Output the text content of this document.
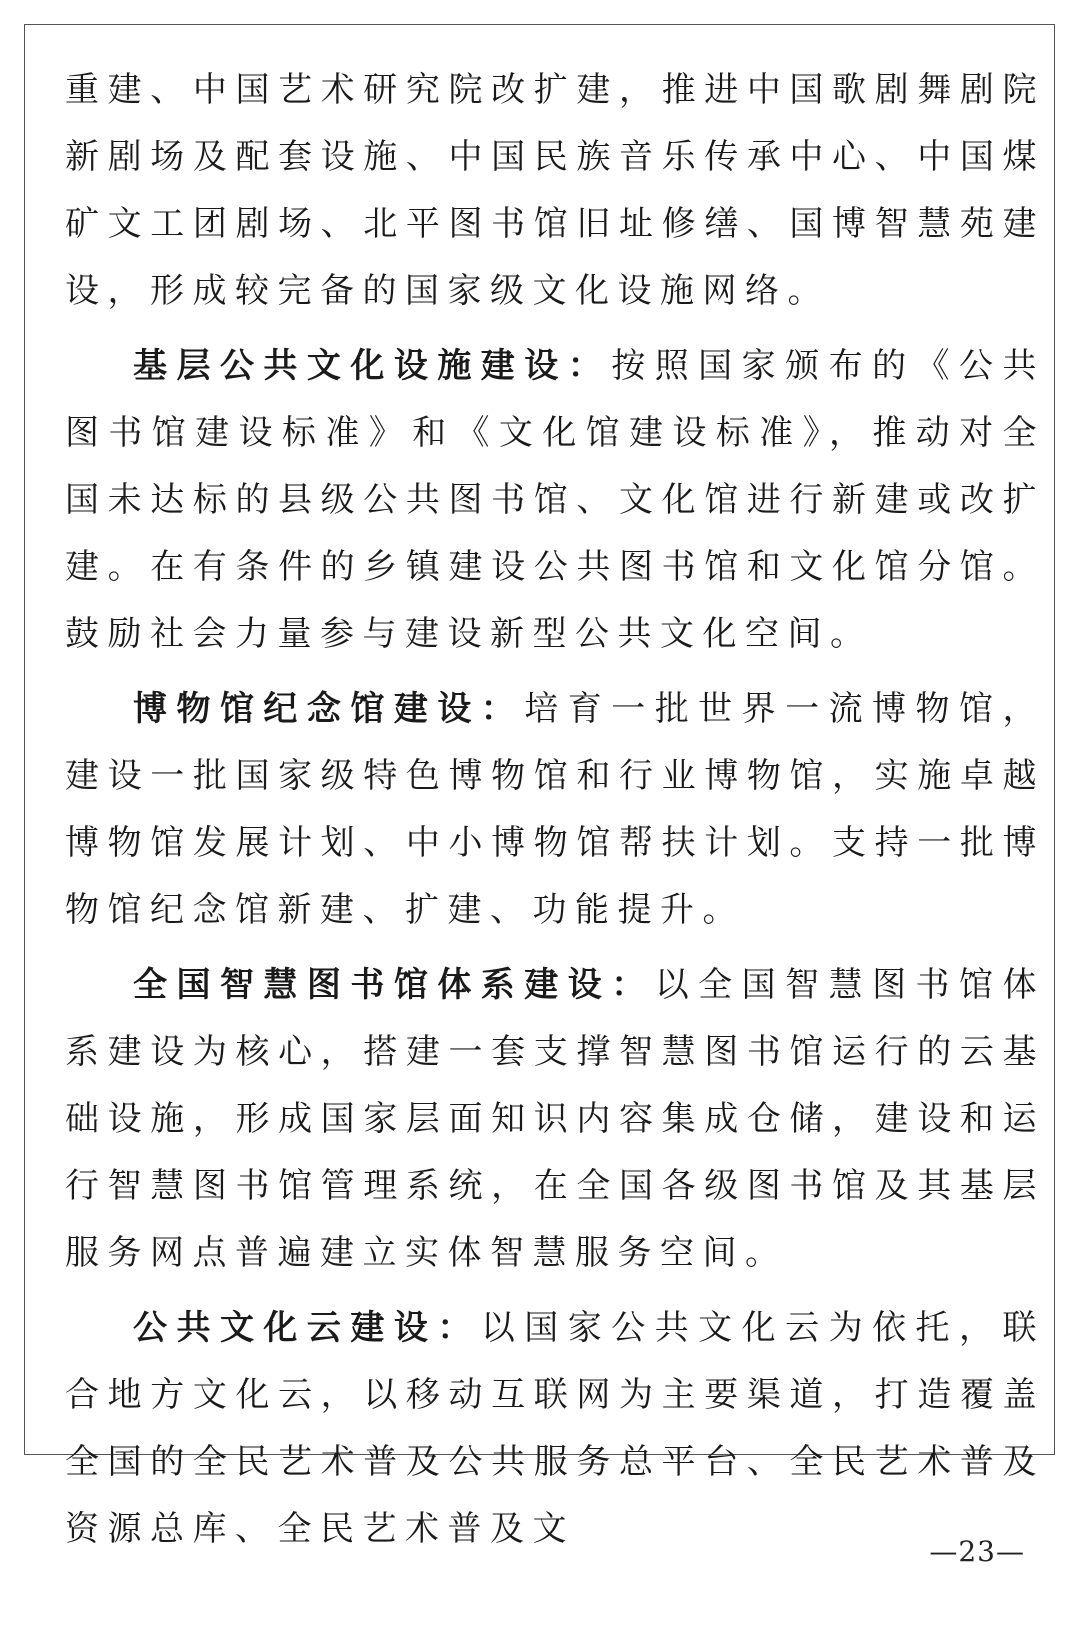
重建、中国艺术研究院改扩建，推进中国歌剧舞剧院新剧场及配套设施、中国民族音乐传承中心、中国煤矿文工团剧场、北平图书馆旧址修缮、国博智慧苑建设，形成较完备的国家级文化设施网络。

基层公共文化设施建设：按照国家颁布的《公共图书馆建设标准》和《文化馆建设标准》，推动对全国未达标的县级公共图书馆、文化馆进行新建或改扩建。在有条件的乡镇建设公共图书馆和文化馆分馆。鼓励社会力量参与建设新型公共文化空间。

博物馆纪念馆建设：培育一批世界一流博物馆，建设一批国家级特色博物馆和行业博物馆，实施卓越博物馆发展计划、中小博物馆帮扶计划。支持一批博物馆纪念馆新建、扩建、功能提升。

全国智慧图书馆体系建设：以全国智慧图书馆体系建设为核心，搭建一套支撑智慧图书馆运行的云基础设施，形成国家层面知识内容集成仓储，建设和运行智慧图书馆管理系统，在全国各级图书馆及其基层服务网点普遍建立实体智慧服务空间。

公共文化云建设：以国家公共文化云为依托，联合地方文化云，以移动互联网为主要渠道，打造覆盖全国的全民艺术普及公共服务总平台、全民艺术普及资源总库、全民艺术普及文

—23—
